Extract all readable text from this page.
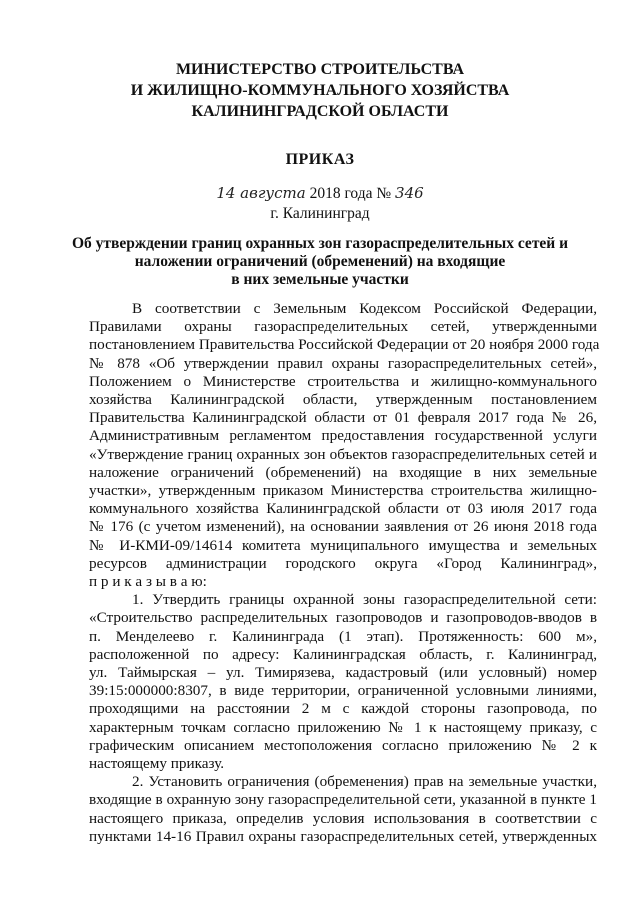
МИНИСТЕРСТВО СТРОИТЕЛЬСТВА
И ЖИЛИЩНО-КОММУНАЛЬНОГО ХОЗЯЙСТВА
КАЛИНИНГРАДСКОЙ ОБЛАСТИ
ПРИКАЗ
14 августа 2018 года № 346
г. Калининград
Об утверждении границ охранных зон газораспределительных сетей и
наложении ограничений (обременений) на входящие
в них земельные участки
В соответствии с Земельным Кодексом Российской Федерации,
Правилами охраны газораспределительных сетей, утвержденными
постановлением Правительства Российской Федерации от 20 ноября 2000 года
№ 878 «Об утверждении правил охраны газораспределительных сетей»,
Положением о Министерстве строительства и жилищно-коммунального
хозяйства Калининградской области, утвержденным постановлением
Правительства Калининградской области от 01 февраля 2017 года № 26,
Административным регламентом предоставления государственной услуги
«Утверждение границ охранных зон объектов газораспределительных сетей и
наложение ограничений (обременений) на входящие в них земельные
участки», утвержденным приказом Министерства строительства жилищно-
коммунального хозяйства Калининградской области от 03 июля 2017 года
№ 176 (с учетом изменений), на основании заявления от 26 июня 2018 года
№ И-КМИ-09/14614 комитета муниципального имущества и земельных
ресурсов администрации городского округа «Город Калининград»,
п р и к а з ы в а ю:
1. Утвердить границы охранной зоны газораспределительной сети:
«Строительство распределительных газопроводов и газопроводов-вводов в
п. Менделеево г. Калининграда (1 этап). Протяженность: 600 м»,
расположенной по адресу: Калининградская область, г. Калининград,
ул. Таймырская – ул. Тимирязева, кадастровый (или условный) номер
39:15:000000:8307, в виде территории, ограниченной условными линиями,
проходящими на расстоянии 2 м с каждой стороны газопровода, по
характерным точкам согласно приложению № 1 к настоящему приказу, с
графическим описанием местоположения согласно приложению № 2 к
настоящему приказу.
2. Установить ограничения (обременения) прав на земельные участки,
входящие в охранную зону газораспределительной сети, указанной в пункте 1
настоящего приказа, определив условия использования в соответствии с
пунктами 14-16 Правил охраны газораспределительных сетей, утвержденных
